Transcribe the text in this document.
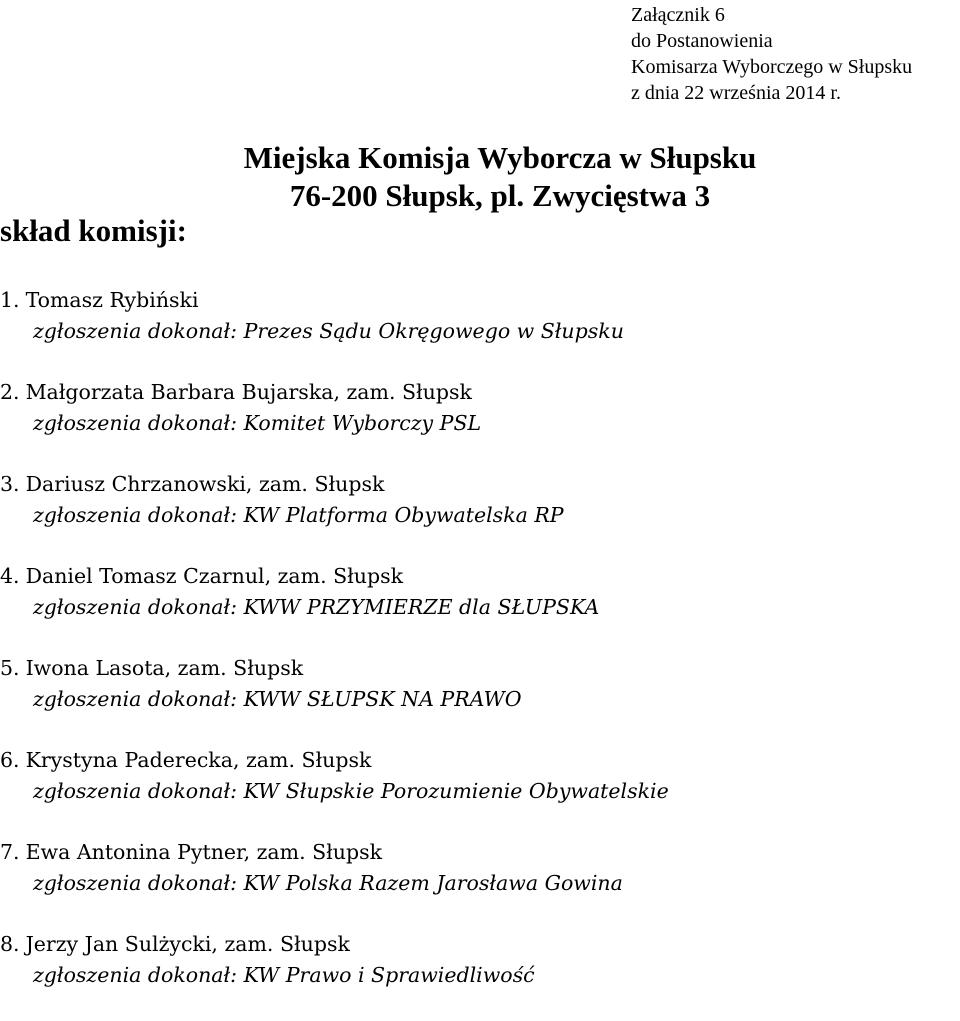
Załącznik 6
do Postanowienia
Komisarza Wyborczego w Słupsku
z dnia 22 września 2014 r.
Miejska Komisja Wyborcza w Słupsku
76-200 Słupsk, pl. Zwycięstwa 3
skład komisji:
1. Tomasz Rybiński
zgłoszenia dokonał: Prezes Sądu Okręgowego w Słupsku
2. Małgorzata Barbara Bujarska, zam. Słupsk
zgłoszenia dokonał: Komitet Wyborczy PSL
3. Dariusz Chrzanowski, zam. Słupsk
zgłoszenia dokonał: KW Platforma Obywatelska RP
4. Daniel Tomasz Czarnul, zam. Słupsk
zgłoszenia dokonał: KWW PRZYMIERZE dla SŁUPSKA
5. Iwona Lasota, zam. Słupsk
zgłoszenia dokonał: KWW SŁUPSK NA PRAWO
6. Krystyna Paderecka, zam. Słupsk
zgłoszenia dokonał: KW Słupskie Porozumienie Obywatelskie
7. Ewa Antonina Pytner, zam. Słupsk
zgłoszenia dokonał: KW Polska Razem Jarosława Gowina
8. Jerzy Jan Sulżycki, zam. Słupsk
zgłoszenia dokonał: KW Prawo i Sprawiedliwość
